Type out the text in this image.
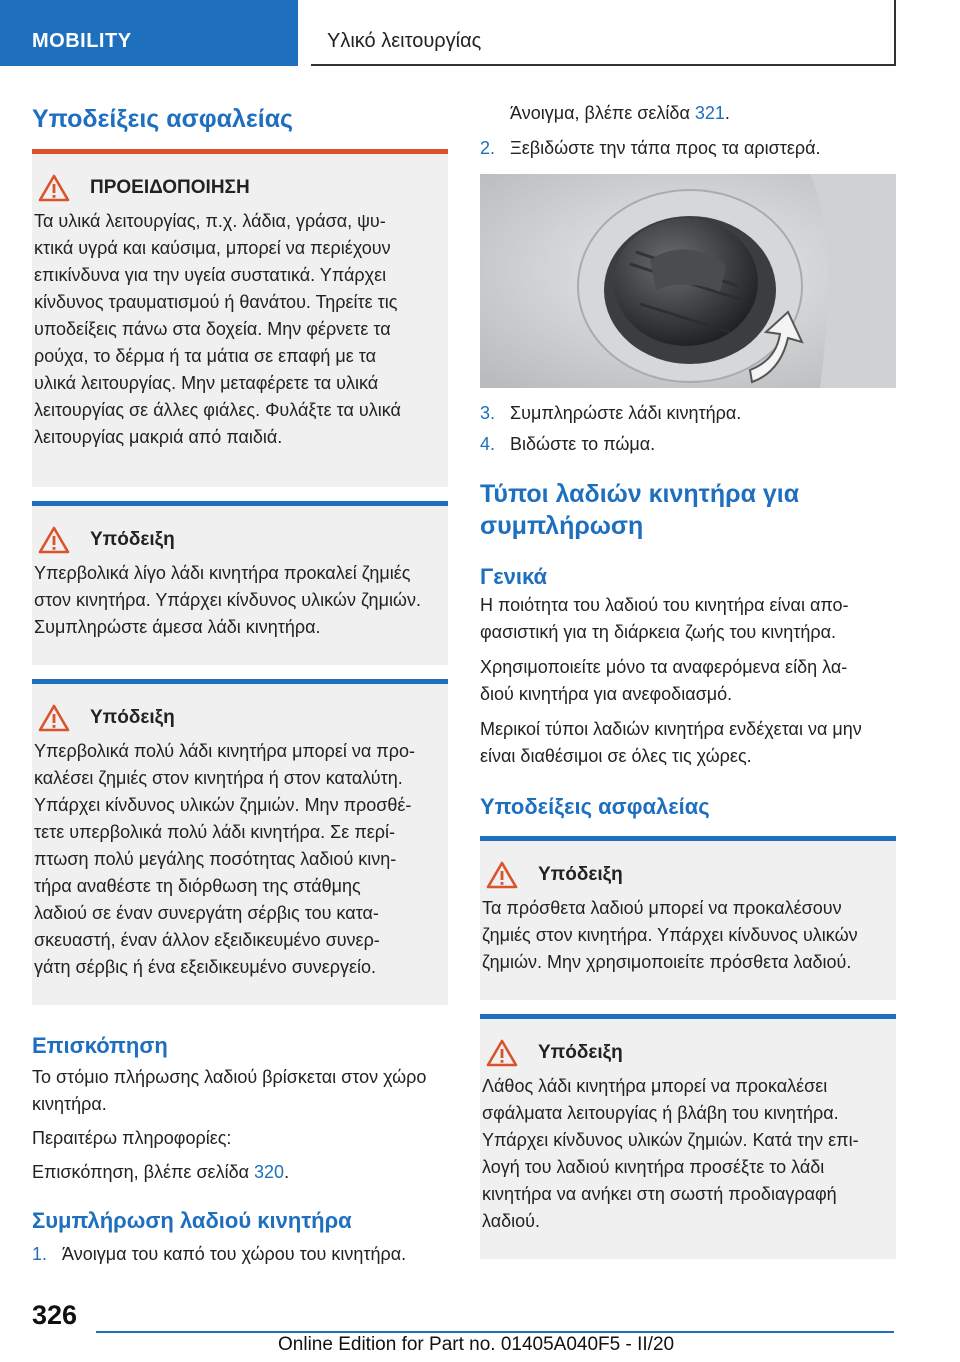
MOBILITY	Υλικό λειτουργίας
Υποδείξεις ασφαλείας
ΠΡΟΕΙΔΟΠΟΙΗΣΗ

Τα υλικά λειτουργίας, π.χ. λάδια, γράσα, ψυ-
κτικά υγρά και καύσιμα, μπορεί να περιέχουν
επικίνδυνα για την υγεία συστατικά. Υπάρχει
κίνδυνος τραυματισμού ή θανάτου. Τηρείτε τις
υποδείξεις πάνω στα δοχεία. Μην φέρνετε τα
ρούχα, το δέρμα ή τα μάτια σε επαφή με τα
υλικά λειτουργίας. Μην μεταφέρετε τα υλικά
λειτουργίας σε άλλες φιάλες. Φυλάξτε τα υλικά
λειτουργίας μακριά από παιδιά.

Υπόδειξη

Υπερβολικά λίγο λάδι κινητήρα προκαλεί ζημιές
στον κινητήρα. Υπάρχει κίνδυνος υλικών ζημιών.
Συμπληρώστε άμεσα λάδι κινητήρα.

Υπόδειξη

Υπερβολικά πολύ λάδι κινητήρα μπορεί να προ-
καλέσει ζημιές στον κινητήρα ή στον καταλύτη.
Υπάρχει κίνδυνος υλικών ζημιών. Μην προσθέ-
τετε υπερβολικά πολύ λάδι κινητήρα. Σε περί-
πτωση πολύ μεγάλης ποσότητας λαδιού κινη-
τήρα αναθέστε τη διόρθωση της στάθμης
λαδιού σε έναν συνεργάτη σέρβις του κατα-
σκευαστή, έναν άλλον εξειδικευμένο συνερ-
γάτη σέρβις ή ένα εξειδικευμένο συνεργείο.

Επισκόπηση

Το στόμιο πλήρωσης λαδιού βρίσκεται στον χώρο
κινητήρα.

Περαιτέρω πληροφορίες:

Επισκόπηση, βλέπε σελίδα 320.

Συμπλήρωση λαδιού κινητήρα
1. Άνοιγμα του καπό του χώρου του κινητήρα.
Άνοιγμα, βλέπε σελίδα 321.
2. Ξεβιδώστε την τάπα προς τα αριστερά.
3. Συμπληρώστε λάδι κινητήρα.
4. Βιδώστε το πώμα.
Τύποι λαδιών κινητήρα για
συμπλήρωση
Γενικά

Η ποιότητα του λαδιού του κινητήρα είναι απο-
φασιστική για τη διάρκεια ζωής του κινητήρα.

Χρησιμοποιείτε μόνο τα αναφερόμενα είδη λα-
διού κινητήρα για ανεφοδιασμό.

Μερικοί τύποι λαδιών κινητήρα ενδέχεται να μην
είναι διαθέσιμοι σε όλες τις χώρες.

Υποδείξεις ασφαλείας
Υπόδειξη

Τα πρόσθετα λαδιού μπορεί να προκαλέσουν
ζημιές στον κινητήρα. Υπάρχει κίνδυνος υλικών
ζημιών. Μην χρησιμοποιείτε πρόσθετα λαδιού.

Υπόδειξη

Λάθος λάδι κινητήρα μπορεί να προκαλέσει
σφάλματα λειτουργίας ή βλάβη του κινητήρα.
Υπάρχει κίνδυνος υλικών ζημιών. Κατά την επι-
λογή του λαδιού κινητήρα προσέξτε το λάδι
κινητήρα να ανήκει στη σωστή προδιαγραφή
λαδιού.

326
Online Edition for Part no. 01405A040F5 - II/20
